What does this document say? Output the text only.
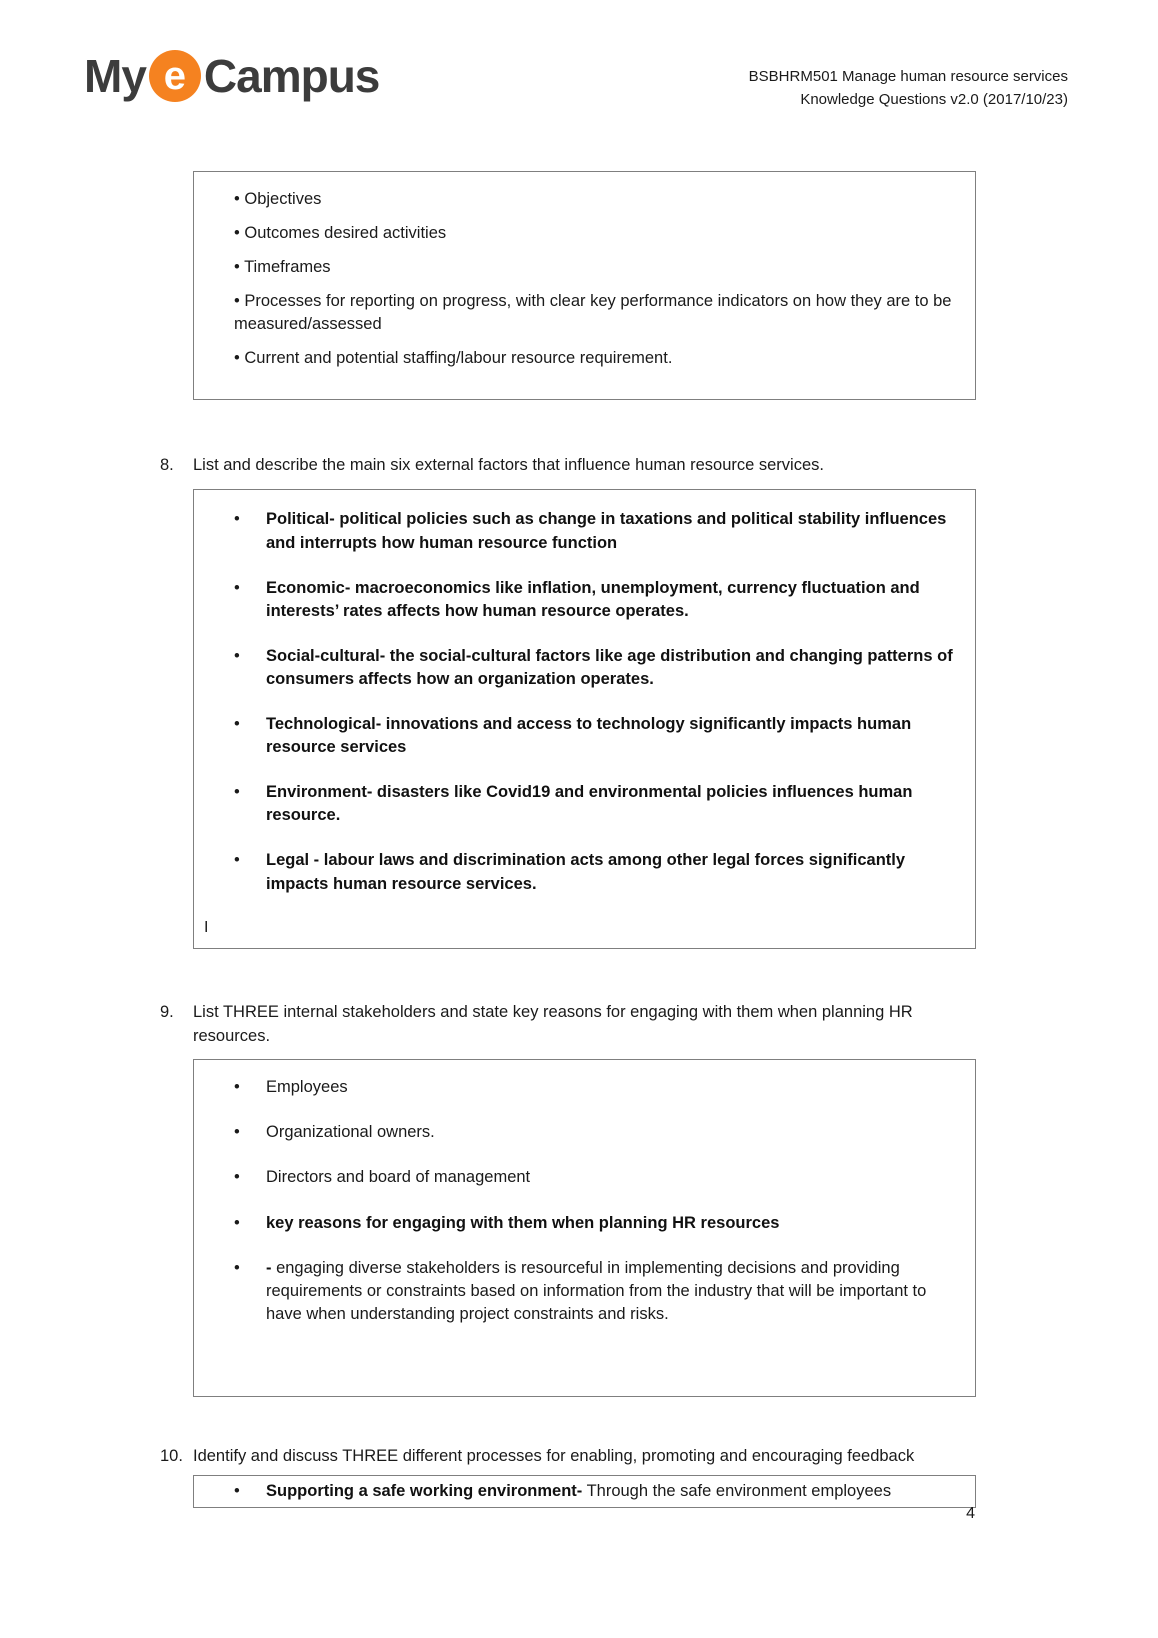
My e Campus	BSBHRM501 Manage human resource services
Knowledge Questions v2.0 (2017/10/23)
• Objectives
• Outcomes desired activities
• Timeframes
• Processes for reporting on progress, with clear key performance indicators on how they are to be measured/assessed
• Current and potential staffing/labour resource requirement.
8.	List and describe the main six external factors that influence human resource services.
• Political- political policies such as change in taxations and political stability influences and interrupts how human resource function
• Economic- macroeconomics like inflation, unemployment, currency fluctuation and interests’ rates affects how human resource operates.
• Social-cultural- the social-cultural factors like age distribution and changing patterns of consumers affects how an organization operates.
• Technological- innovations and access to technology significantly impacts human resource services
• Environment- disasters like Covid19 and environmental policies influences human resource.
• Legal - labour laws and discrimination acts among other legal forces significantly impacts human resource services.
I
9.	List THREE internal stakeholders and state key reasons for engaging with them when planning HR resources.
• Employees
• Organizational owners.
• Directors and board of management
• key reasons for engaging with them when planning HR resources
• - engaging diverse stakeholders is resourceful in implementing decisions and providing requirements or constraints based on information from the industry that will be important to have when understanding project constraints and risks.
10. Identify and discuss THREE different processes for enabling, promoting and encouraging feedback
• Supporting a safe working environment- Through the safe environment employees
4
